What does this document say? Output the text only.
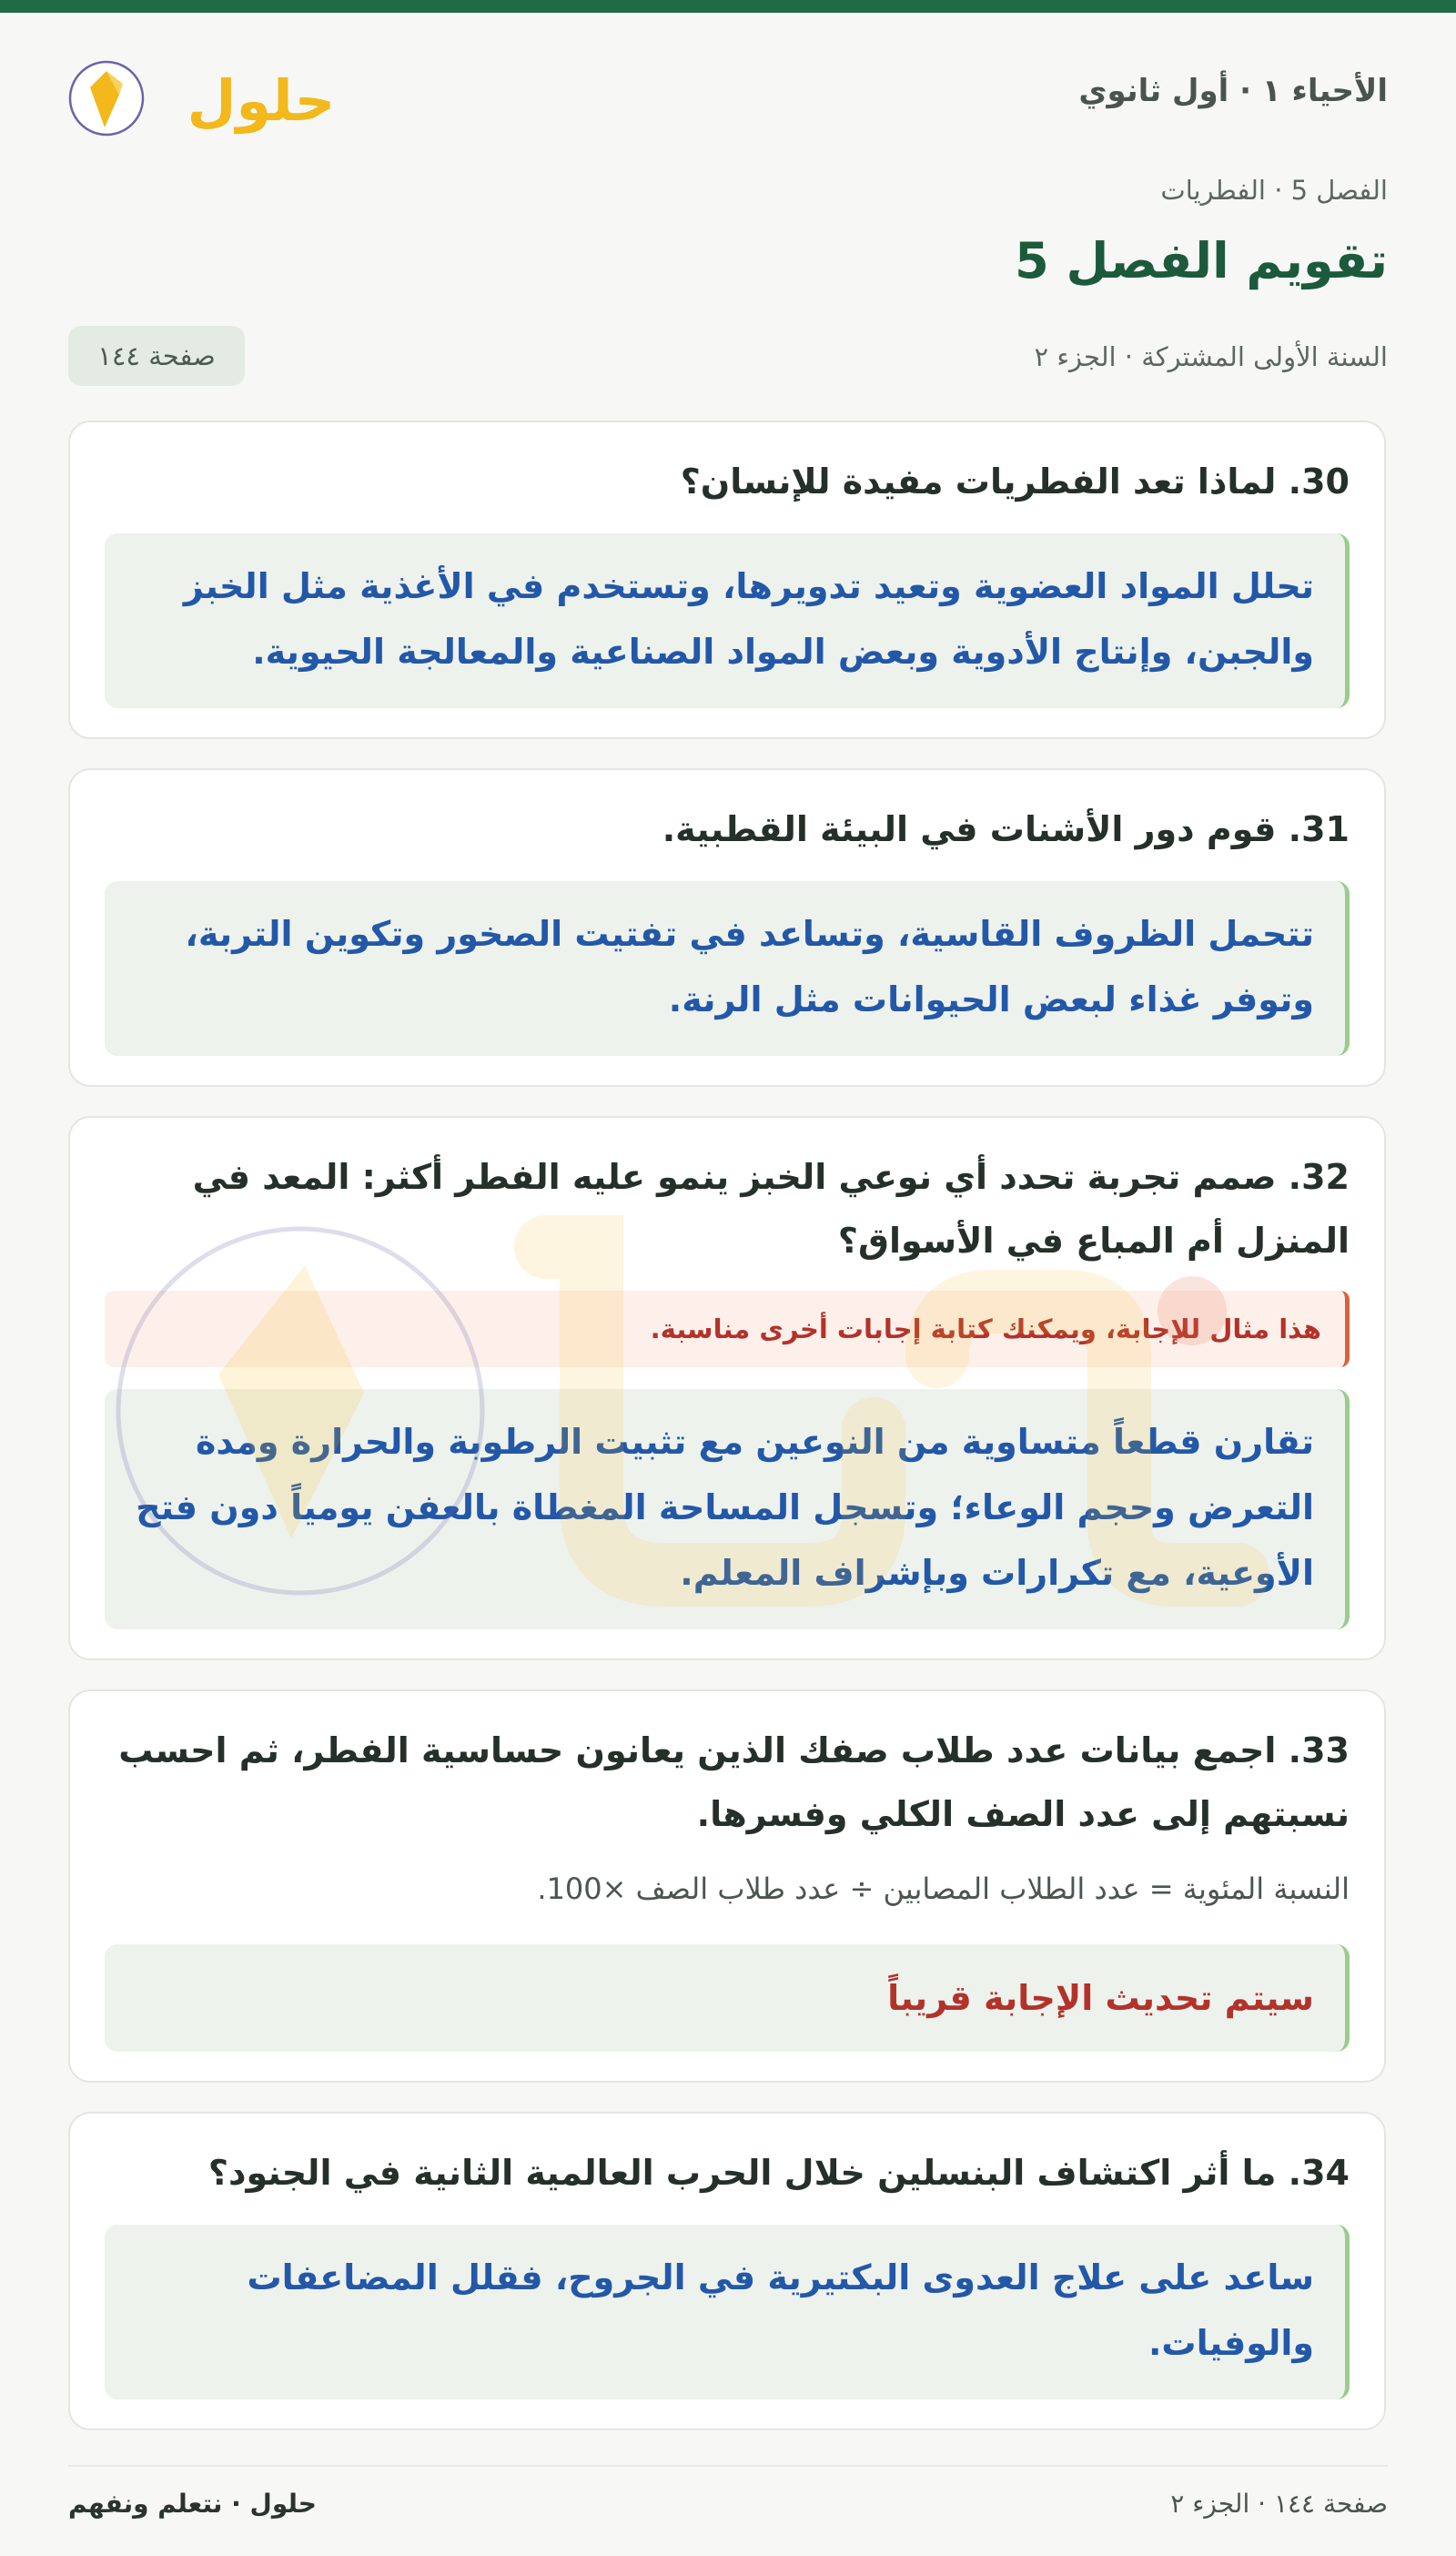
الأحياء ١ · أول ثانوي
حلول
الفصل 5 · الفطريات
تقويم الفصل 5
السنة الأولى المشتركة · الجزء ٢
صفحة ١٤٤
30. لماذا تعد الفطريات مفيدة للإنسان؟
تحلل المواد العضوية وتعيد تدويرها، وتستخدم في الأغذية مثل الخبز والجبن، وإنتاج الأدوية وبعض المواد الصناعية والمعالجة الحيوية.
31. قوم دور الأشنات في البيئة القطبية.
تتحمل الظروف القاسية، وتساعد في تفتيت الصخور وتكوين التربة، وتوفر غذاء لبعض الحيوانات مثل الرنة.
32. صمم تجربة تحدد أي نوعي الخبز ينمو عليه الفطر أكثر: المعد في المنزل أم المباع في الأسواق؟
هذا مثال للإجابة، ويمكنك كتابة إجابات أخرى مناسبة.
تقارن قطعاً متساوية من النوعين مع تثبيت الرطوبة والحرارة ومدة التعرض وحجم الوعاء؛ وتسجل المساحة المغطاة بالعفن يومياً دون فتح الأوعية، مع تكرارات وبإشراف المعلم.
33. اجمع بيانات عدد طلاب صفك الذين يعانون حساسية الفطر، ثم احسب نسبتهم إلى عدد الصف الكلي وفسرها.
النسبة المئوية = عدد الطلاب المصابين ÷ عدد طلاب الصف ×100.
سيتم تحديث الإجابة قريباً
34. ما أثر اكتشاف البنسلين خلال الحرب العالمية الثانية في الجنود؟
ساعد على علاج العدوى البكتيرية في الجروح، فقلل المضاعفات والوفيات.
حلول · نتعلم ونفهم	صفحة ١٤٤ · الجزء ٢
